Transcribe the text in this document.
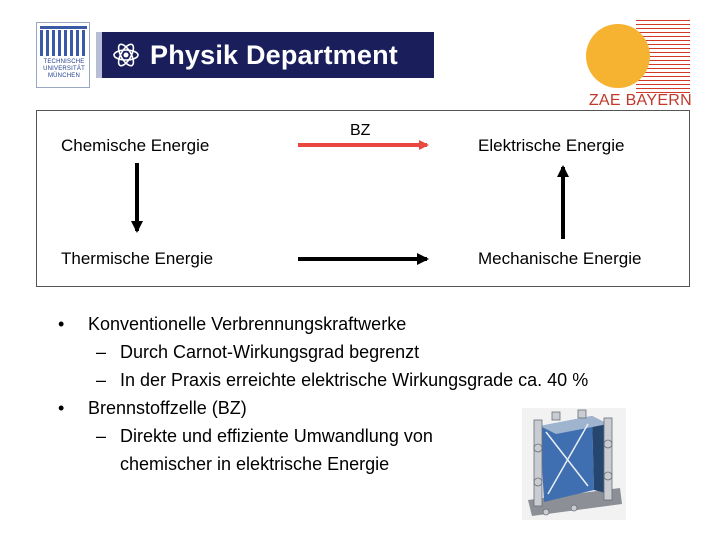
TECHNISCHE
UNIVERSITÄT
MÜNCHEN
Physik Department
ZAE BAYERN
Chemische Energie	Elektrische Energie
Thermische Energie	Mechanische Energie
BZ
• Konventionelle Verbrennungskraftwerke
– Durch Carnot-Wirkungsgrad begrenzt
– In der Praxis erreichte elektrische Wirkungsgrade ca. 40 %
• Brennstoffzelle (BZ)
– Direkte und effiziente Umwandlung von
chemischer in elektrische Energie
